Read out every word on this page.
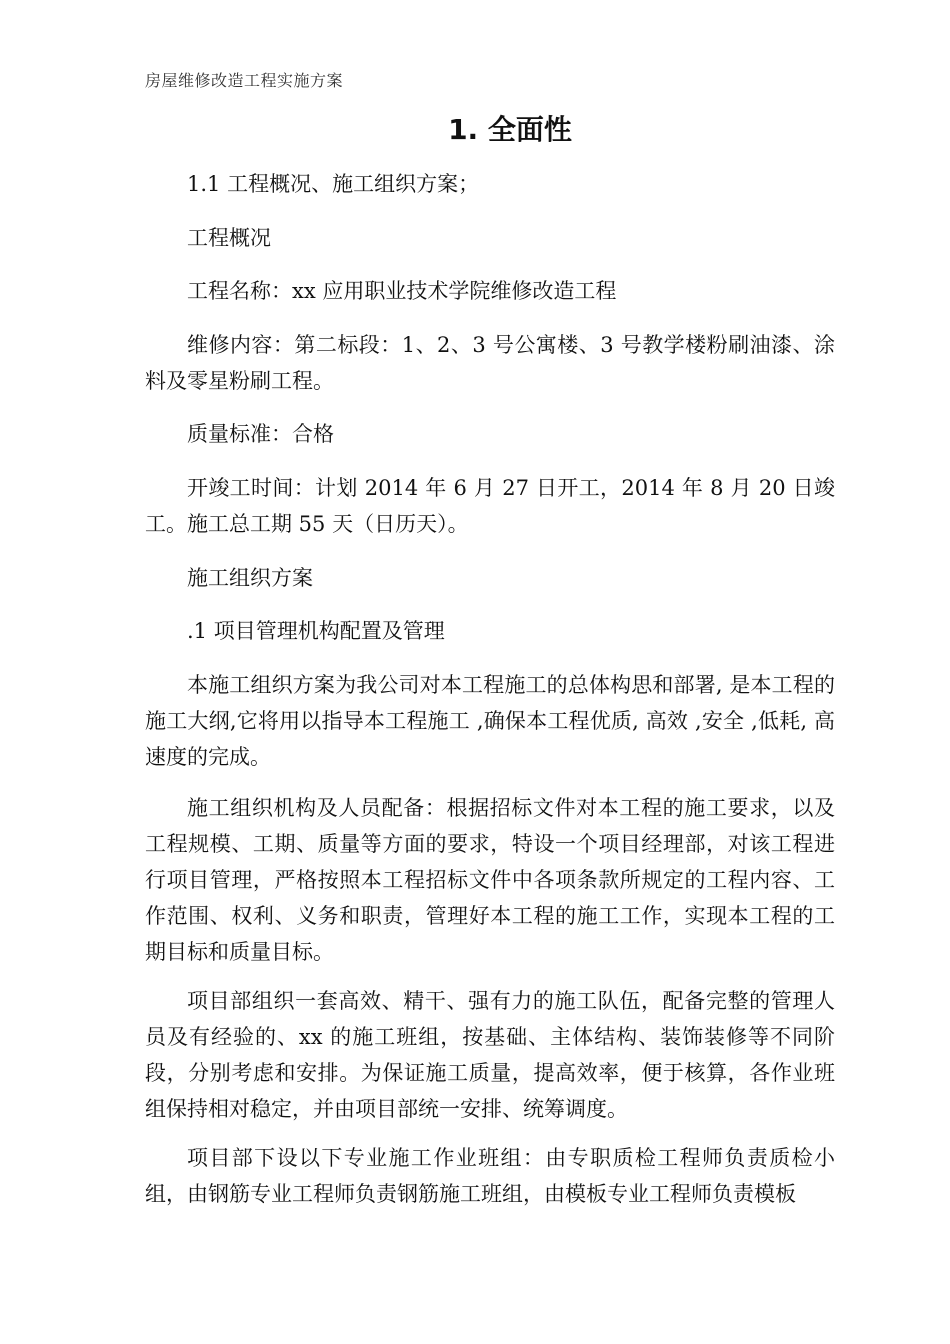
房屋维修改造工程实施方案
1. 全面性
1.1 工程概况、施工组织方案；
工程概况
工程名称：xx 应用职业技术学院维修改造工程

维修内容：第二标段：1、2、3 号公寓楼、3 号教学楼粉刷油漆、涂料及零星粉刷工程。

质量标准：合格

开竣工时间：计划 2014 年 6 月 27 日开工，2014 年 8 月 20 日竣工。施工总工期 55 天（日历天）。

施工组织方案
.1 项目管理机构配置及管理

本施工组织方案为我公司对本工程施工的总体构思和部署, 是本工程的施工大纲,它将用以指导本工程施工 ,确保本工程优质, 高效 ,安全 ,低耗, 高速度的完成。

施工组织机构及人员配备：根据招标文件对本工程的施工要求，以及工程规模、工期、质量等方面的要求，特设一个项目经理部，对该工程进行项目管理，严格按照本工程招标文件中各项条款所规定的工程内容、工作范围、权利、义务和职责，管理好本工程的施工工作，实现本工程的工期目标和质量目标。

项目部组织一套高效、精干、强有力的施工队伍，配备完整的管理人员及有经验的、xx 的施工班组，按基础、主体结构、装饰装修等不同阶段，分别考虑和安排。为保证施工质量，提高效率，便于核算，各作业班组保持相对稳定，并由项目部统一安排、统筹调度。

项目部下设以下专业施工作业班组：由专职质检工程师负责质检小组，由钢筋专业工程师负责钢筋施工班组，由模板专业工程师负责模板
